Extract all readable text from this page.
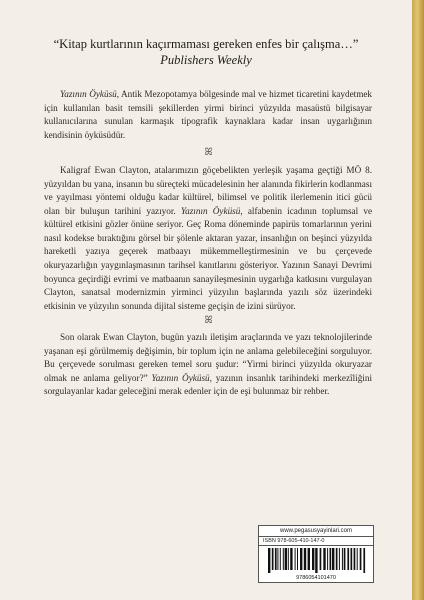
“Kitap kurtlarının kaçırmaması gereken enfes bir çalışma…”
Publishers Weekly

Yazının Öyküsü, Antik Mezopotamya bölgesinde mal ve hizmet ticaretini kaydetmek için kullanılan basit temsili şekillerden yirmi birinci yüzyılda masaüstü bilgisayar kullanıcılarına sunulan karmaşık tipografik kaynaklara kadar insan uygarlığının kendisinin öyküsüdür.

ꕤ

Kaligraf Ewan Clayton, atalarımızın göçebelikten yerleşik yaşama geçtiği MÖ 8. yüzyıldan bu yana, insanın bu süreçteki mücadelesinin her alanında fikirlerin kodlanması ve yayılması yöntemi olduğu kadar kültürel, bilimsel ve politik ilerlemenin itici gücü olan bir buluşun tarihini yazıyor. Yazının Öyküsü, alfabenin icadının toplumsal ve kültürel etkisini gözler önüne seriyor. Geç Roma döneminde papirüs tomarlarının yerini nasıl kodekse bıraktığını görsel bir şölenle aktaran yazar, insanlığın on beşinci yüzyılda hareketli yazıya geçerek matbaayı mükemmelleştirmesinin ve bu çerçevede okuryazarlığın yaygınlaşmasının tarihsel kanıtlarını gösteriyor. Yazının Sanayi Devrimi boyunca geçirdiği evrimi ve matbaanın sanayileşmesinin uygarlığa katkısını vurgulayan Clayton, sanatsal modernizmin yirminci yüzyılın başlarında yazılı söz üzerindeki etkisinin ve yüzyılın sonunda dijital sisteme geçişin de izini sürüyor.

ꕤ

Son olarak Ewan Clayton, bugün yazılı iletişim araçlarında ve yazı teknolojilerinde yaşanan eşi görülmemiş değişimin, bir toplum için ne anlama gelebileceğini sorguluyor. Bu çerçevede sorulması gereken temel soru şudur: “Yirmi birinci yüzyılda okuryazar olmak ne anlama geliyor?” Yazının Öyküsü, yazının insanlık tarihindeki merkezîliğini sorgulayanlar kadar geleceğini merak edenler için de eşi bulunmaz bir rehber.

www.pegasusyayinlari.com
ISBN 978-605-410-147-0
9786054101470
